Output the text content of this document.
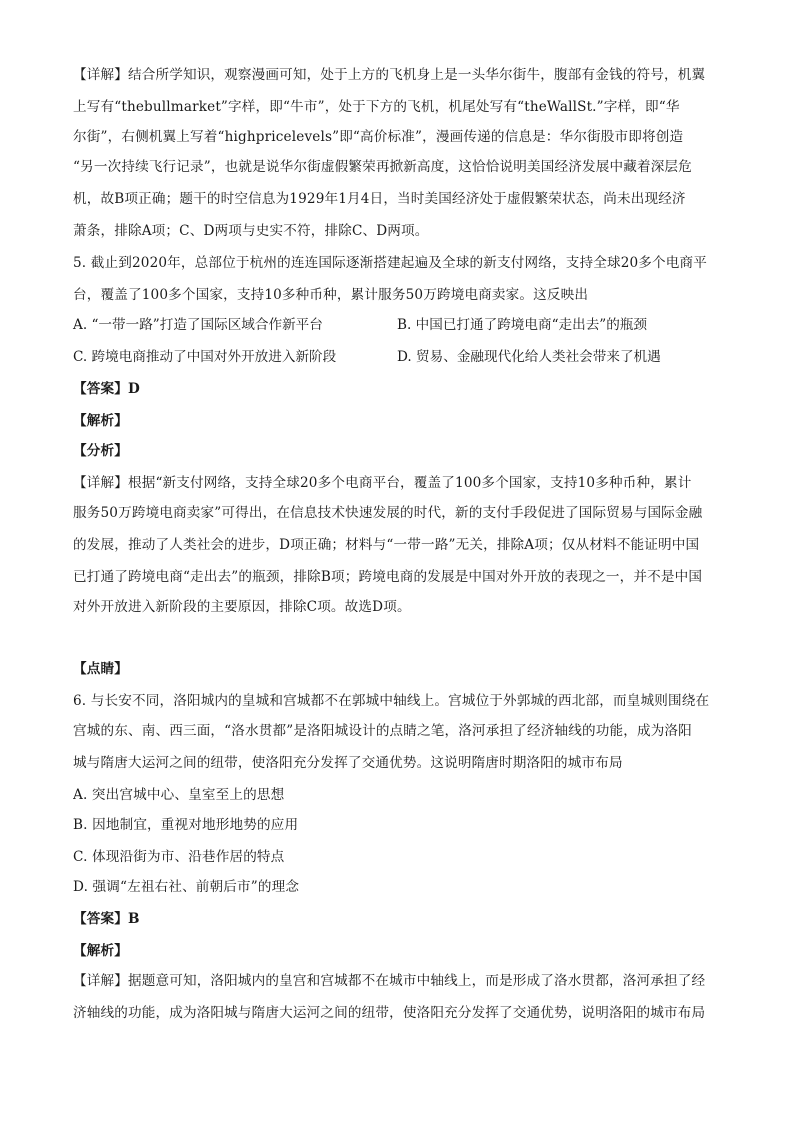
【详解】结合所学知识，观察漫画可知，处于上方的飞机身上是一头华尔街牛，腹部有金钱的符号，机翼
上写有“thebullmarket”字样，即“牛市”，处于下方的飞机，机尾处写有“theWallSt.”字样，即“华
尔街”，右侧机翼上写着“highpricelevels”即“高价标准”，漫画传递的信息是：华尔街股市即将创造
“另一次持续飞行记录”，也就是说华尔街虚假繁荣再掀新高度，这恰恰说明美国经济发展中藏着深层危
机，故B项正确；题干的时空信息为1929年1月4日，当时美国经济处于虚假繁荣状态，尚未出现经济
萧条，排除A项；C、D两项与史实不符，排除C、D两项。
5. 截止到2020年，总部位于杭州的连连国际逐渐搭建起遍及全球的新支付网络，支持全球20多个电商平
台，覆盖了100多个国家，支持10多种币种，累计服务50万跨境电商卖家。这反映出
A. “一带一路”打造了国际区域合作新平台	B. 中国已打通了跨境电商“走出去”的瓶颈
C. 跨境电商推动了中国对外开放进入新阶段	D. 贸易、金融现代化给人类社会带来了机遇
【答案】D
【解析】
【分析】
【详解】根据“新支付网络，支持全球20多个电商平台，覆盖了100多个国家，支持10多种币种，累计
服务50万跨境电商卖家”可得出，在信息技术快速发展的时代，新的支付手段促进了国际贸易与国际金融
的发展，推动了人类社会的进步，D项正确；材料与“一带一路”无关，排除A项；仅从材料不能证明中国
已打通了跨境电商“走出去”的瓶颈，排除B项；跨境电商的发展是中国对外开放的表现之一，并不是中国
对外开放进入新阶段的主要原因，排除C项。故选D项。
【点睛】
6. 与长安不同，洛阳城内的皇城和宫城都不在郭城中轴线上。宫城位于外郭城的西北部，而皇城则围绕在
宫城的东、南、西三面，“洛水贯都”是洛阳城设计的点睛之笔，洛河承担了经济轴线的功能，成为洛阳
城与隋唐大运河之间的纽带，使洛阳充分发挥了交通优势。这说明隋唐时期洛阳的城市布局
A. 突出宫城中心、皇室至上的思想
B. 因地制宜，重视对地形地势的应用
C. 体现沿街为市、沿巷作居的特点
D. 强调“左祖右社、前朝后市”的理念
【答案】B
【解析】
【详解】据题意可知，洛阳城内的皇宫和宫城都不在城市中轴线上，而是形成了洛水贯都，洛河承担了经
济轴线的功能，成为洛阳城与隋唐大运河之间的纽带，使洛阳充分发挥了交通优势，说明洛阳的城市布局
